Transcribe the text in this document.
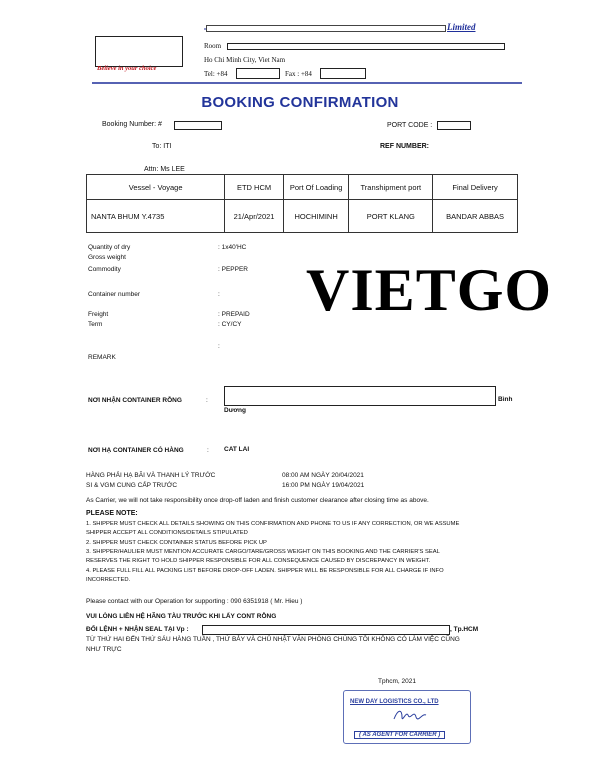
Believe in your choice
Limited
Room
Ho Chi Minh City, Viet Nam
Tel: +84	Fax : +84
BOOKING CONFIRMATION
Booking Number: #	PORT CODE :
To: ITI	REF NUMBER:
Attn: Ms LEE
Vessel - Voyage	ETD HCM	Port Of Loading	Transhipment port	Final Delivery
NANTA BHUM Y.4735	21/Apr/2021	HOCHIMINH	PORT KLANG	BANDAR ABBAS
Quantity of dry	: 1x40'HC
Gross weight
Commodity	: PEPPER
Container number	:
Freight	: PREPAID
Term	: CY/CY
:
REMARK
VIETGO
NƠI NHẬN CONTAINER RỖNG	:	Bình
Dương
NƠI HẠ CONTAINER CÓ HÀNG	: CAT LAI
HÀNG PHẢI HẠ BÃI VÀ THANH LÝ TRƯỚC	08:00 AM NGÀY 20/04/2021
SI & VGM CUNG CẤP TRƯỚC	16:00 PM NGÀY 19/04/2021
As Carrier, we will not take responsibility once drop-off laden and finish customer clearance after closing time as above.
PLEASE NOTE:
1. SHIPPER MUST CHECK ALL DETAILS SHOWING ON THIS CONFIRMATION AND PHONE TO US IF ANY CORRECTION, OR WE ASSUME
SHIPPER ACCEPT ALL CONDITIONS/DETAILS STIPULATED
2. SHIPPER MUST CHECK CONTAINER STATUS BEFORE PICK UP
3. SHIPPER/HAULIER MUST MENTION ACCURATE CARGO/TARE/GROSS WEIGHT ON THIS BOOKING AND THE CARRIER'S SEAL
RESERVES THE RIGHT TO HOLD SHIPPER RESPONSIBLE FOR ALL CONSEQUENCE CAUSED BY DISCREPANCY IN WEIGHT.
4. PLEASE FULL FILL ALL PACKING LIST BEFORE DROP-OFF LADEN. SHIPPER WILL BE RESPONSIBLE FOR ALL CHARGE IF INFO
INCORRECTED.
Please contact with our Operation for supporting : 090 6351918 ( Mr. Hieu )
VUI LÒNG LIÊN HỆ HÃNG TÀU TRƯỚC KHI LẤY CONT RỖNG
ĐỔI LỆNH + NHẬN SEAL TẠI Vp :	, Tp.HCM
TỪ THỨ HAI ĐẾN THỨ SÁU HÀNG TUẦN , THỨ BẢY VÀ CHỦ NHẬT VĂN PHÒNG CHÚNG TÔI KHÔNG CÓ LÀM VIỆC CŨNG
NHƯ TRỰC
Tphcm, 2021
NEW DAY LOGISTICS CO., LTD
( AS AGENT FOR CARRIER )
